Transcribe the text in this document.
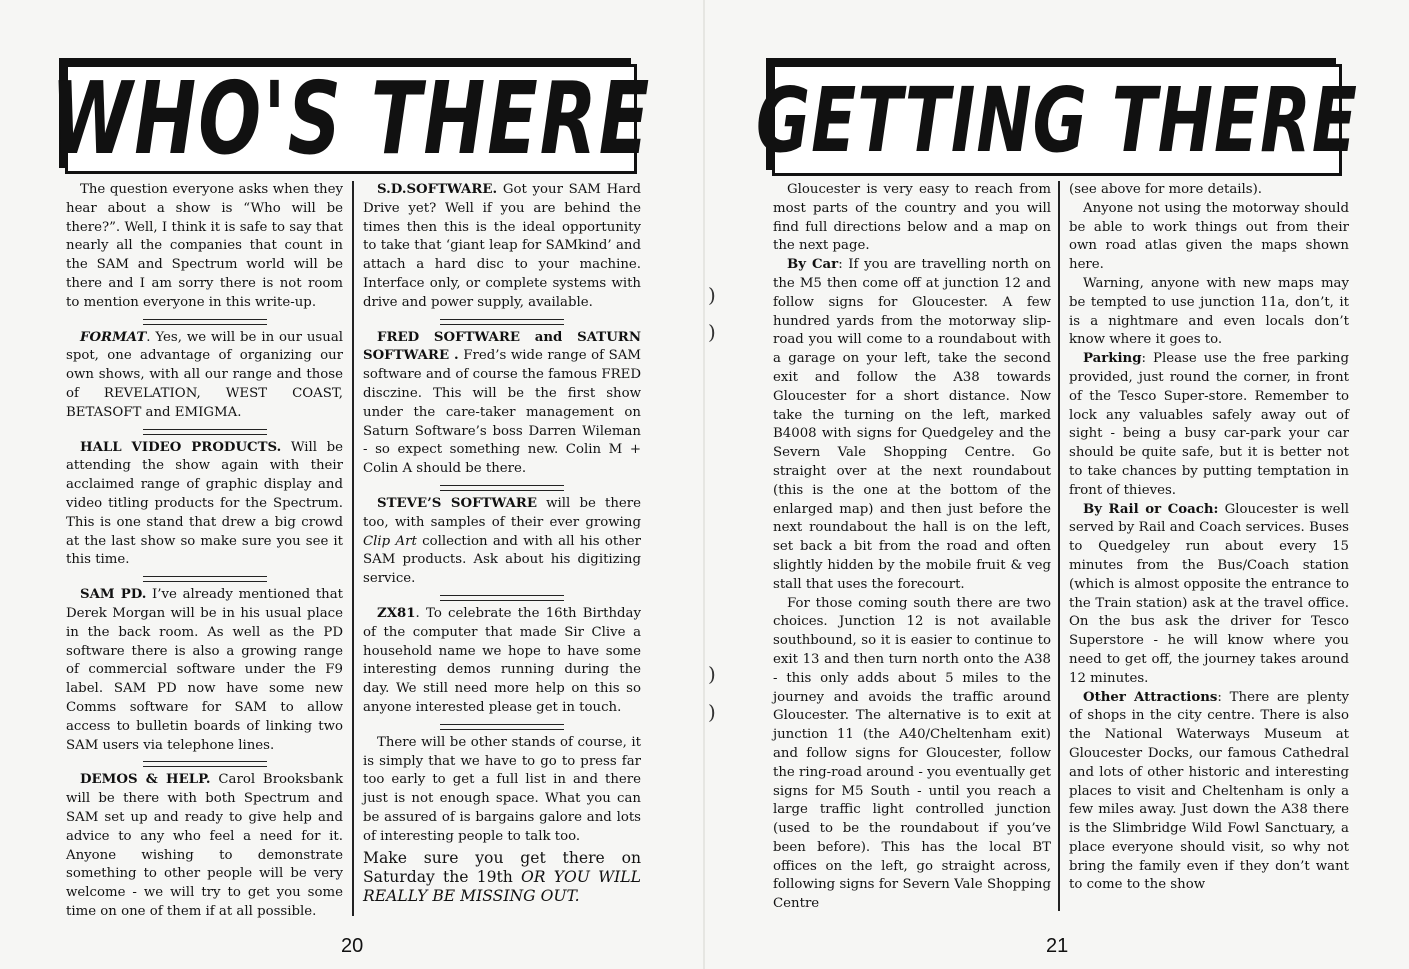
WHO'S THERE

The question everyone asks when they hear about a show is “Who will be there?”. Well, I think it is safe to say that nearly all the companies that count in the SAM and Spectrum world will be there and I am sorry there is not room to mention everyone in this write-up.

FORMAT. Yes, we will be in our usual spot, one advantage of organizing our own shows, with all our range and those of REVELATION, WEST COAST, BETASOFT and EMIGMA.

HALL VIDEO PRODUCTS. Will be attending the show again with their acclaimed range of graphic display and video titling products for the Spectrum. This is one stand that drew a big crowd at the last show so make sure you see it this time.

SAM PD. I’ve already mentioned that Derek Morgan will be in his usual place in the back room. As well as the PD software there is also a growing range of commercial software under the F9 label. SAM PD now have some new Comms software for SAM to allow access to bulletin boards of linking two SAM users via telephone lines.

DEMOS & HELP. Carol Brooksbank will be there with both Spectrum and SAM set up and ready to give help and advice to any who feel a need for it. Anyone wishing to demonstrate something to other people will be very welcome - we will try to get you some time on one of them if at all possible.

S.D.SOFTWARE. Got your SAM Hard Drive yet? Well if you are behind the times then this is the ideal opportunity to take that ‘giant leap for SAMkind’ and attach a hard disc to your machine. Interface only, or complete systems with drive and power supply, available.

FRED SOFTWARE and SATURN SOFTWARE . Fred’s wide range of SAM software and of course the famous FRED disczine. This will be the first show under the care-taker management on Saturn Software’s boss Darren Wileman - so expect something new. Colin M + Colin A should be there.

STEVE’S SOFTWARE will be there too, with samples of their ever growing Clip Art collection and with all his other SAM products. Ask about his digitizing service.

ZX81. To celebrate the 16th Birthday of the computer that made Sir Clive a household name we hope to have some interesting demos running during the day. We still need more help on this so anyone interested please get in touch.

There will be other stands of course, it is simply that we have to go to press far too early to get a full list in and there just is not enough space. What you can be assured of is bargains galore and lots of interesting people to talk too.

Make sure you get there on Saturday the 19th OR YOU WILL REALLY BE MISSING OUT.

20
)
)
)
)
GETTING THERE

Gloucester is very easy to reach from most parts of the country and you will find full directions below and a map on the next page.

By Car: If you are travelling north on the M5 then come off at junction 12 and follow signs for Gloucester. A few hundred yards from the motorway slip-road you will come to a roundabout with a garage on your left, take the second exit and follow the A38 towards Gloucester for a short distance. Now take the turning on the left, marked B4008 with signs for Quedgeley and the Severn Vale Shopping Centre. Go straight over at the next roundabout (this is the one at the bottom of the enlarged map) and then just before the next roundabout the hall is on the left, set back a bit from the road and often slightly hidden by the mobile fruit & veg stall that uses the forecourt.

For those coming south there are two choices. Junction 12 is not available southbound, so it is easier to continue to exit 13 and then turn north onto the A38 - this only adds about 5 miles to the journey and avoids the traffic around Gloucester. The alternative is to exit at junction 11 (the A40/Cheltenham exit) and follow signs for Gloucester, follow the ring-road around - you eventually get signs for M5 South - until you reach a large traffic light controlled junction (used to be the roundabout if you’ve been before). This has the local BT offices on the left, go straight across, following signs for Severn Vale Shopping Centre

(see above for more details).

Anyone not using the motorway should be able to work things out from their own road atlas given the maps shown here.

Warning, anyone with new maps may be tempted to use junction 11a, don’t, it is a nightmare and even locals don’t know where it goes to.

Parking: Please use the free parking provided, just round the corner, in front of the Tesco Super-store. Remember to lock any valuables safely away out of sight - being a busy car-park your car should be quite safe, but it is better not to take chances by putting temptation in front of thieves.

By Rail or Coach: Gloucester is well served by Rail and Coach services. Buses to Quedgeley run about every 15 minutes from the Bus/Coach station (which is almost opposite the entrance to the Train station) ask at the travel office. On the bus ask the driver for Tesco Superstore - he will know where you need to get off, the journey takes around 12 minutes.

Other Attractions: There are plenty of shops in the city centre. There is also the National Waterways Museum at Gloucester Docks, our famous Cathedral and lots of other historic and interesting places to visit and Cheltenham is only a few miles away. Just down the A38 there is the Slimbridge Wild Fowl Sanctuary, a place everyone should visit, so why not bring the family even if they don’t want to come to the show

21
